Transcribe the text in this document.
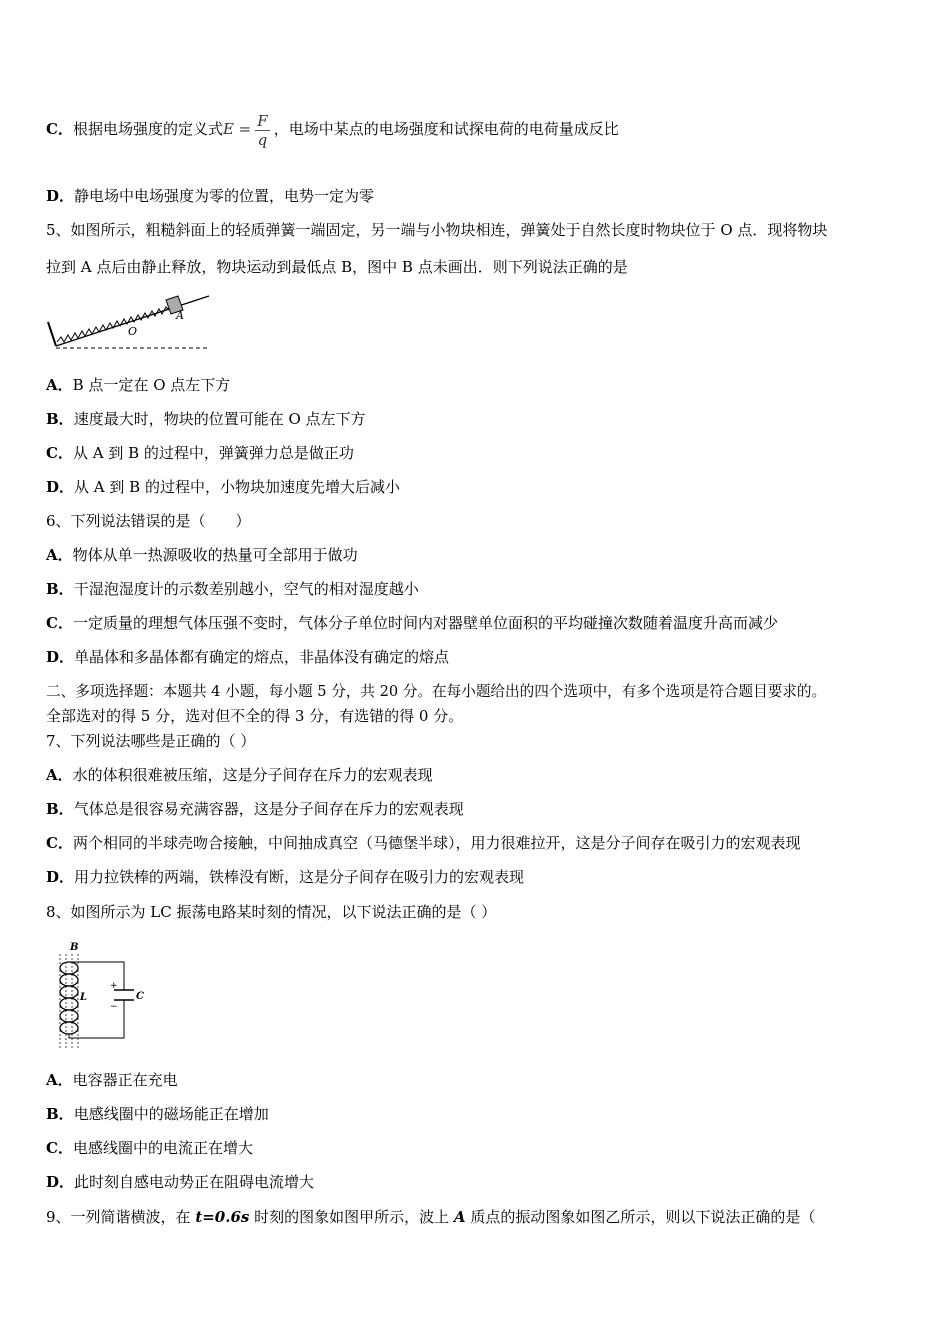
C．根据电场强度的定义式$E = \frac{F}{q}$ ，电场中某点的电场强度和试探电荷的电荷量成反比
D．静电场中电场强度为零的位置，电势一定为零
5、如图所示，粗糙斜面上的轻质弹簧一端固定，另一端与小物块相连，弹簧处于自然长度时物块位于 O 点．现将物块
拉到 A 点后由静止释放，物块运动到最低点 B，图中 B 点未画出．则下列说法正确的是
O
A
A．B 点一定在 O 点左下方
B．速度最大时，物块的位置可能在 O 点左下方
C．从 A 到 B 的过程中，弹簧弹力总是做正功
D．从 A 到 B 的过程中，小物块加速度先增大后减小
6、下列说法错误的是（　　）
A．物体从单一热源吸收的热量可全部用于做功
B．干湿泡湿度计的示数差别越小，空气的相对湿度越小
C．一定质量的理想气体压强不变时，气体分子单位时间内对器壁单位面积的平均碰撞次数随着温度升高而减少
D．单晶体和多晶体都有确定的熔点，非晶体没有确定的熔点
二、多项选择题：本题共 4 小题，每小题 5 分，共 20 分。在每小题给出的四个选项中，有多个选项是符合题目要求的。
全部选对的得 5 分，选对但不全的得 3 分，有选错的得 0 分。
7、下列说法哪些是正确的（ ）
A．水的体积很难被压缩，这是分子间存在斥力的宏观表现
B．气体总是很容易充满容器，这是分子间存在斥力的宏观表现
C．两个相同的半球壳吻合接触，中间抽成真空（马德堡半球），用力很难拉开，这是分子间存在吸引力的宏观表现
D．用力拉铁棒的两端，铁棒没有断，这是分子间存在吸引力的宏观表现
8、如图所示为 LC 振荡电路某时刻的情况，以下说法正确的是（ ）
B
L
+
−
C
A．电容器正在充电
B．电感线圈中的磁场能正在增加
C．电感线圈中的电流正在增大
D．此时刻自感电动势正在阻碍电流增大
9、一列简谐横波，在 t=0.6s 时刻的图象如图甲所示，波上 A 质点的振动图象如图乙所示，则以下说法正确的是（
